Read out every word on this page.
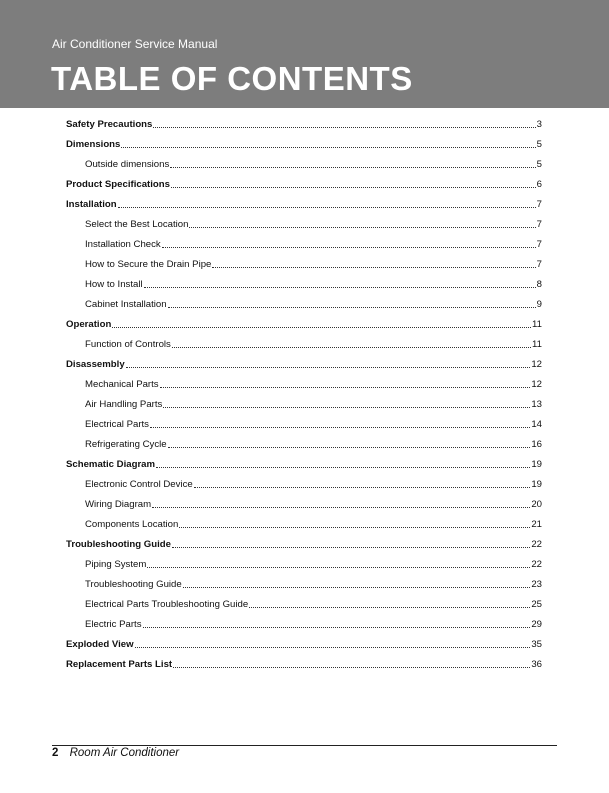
Air Conditioner Service Manual
TABLE OF CONTENTS
Safety Precautions	3
Dimensions	5
Outside dimensions	5
Product Specifications	6
Installation	7
Select the Best Location	7
Installation Check	7
How to Secure the Drain Pipe	7
How to Install	8
Cabinet Installation	9
Operation	11
Function of Controls	11
Disassembly	12
Mechanical Parts	12
Air Handling Parts	13
Electrical Parts	14
Refrigerating Cycle	16
Schematic Diagram	19
Electronic Control Device	19
Wiring Diagram	20
Components Location	21
Troubleshooting Guide	22
Piping System	22
Troubleshooting Guide	23
Electrical Parts Troubleshooting Guide	25
Electric Parts	29
Exploded View	35
Replacement Parts List	36
2 Room Air Conditioner
